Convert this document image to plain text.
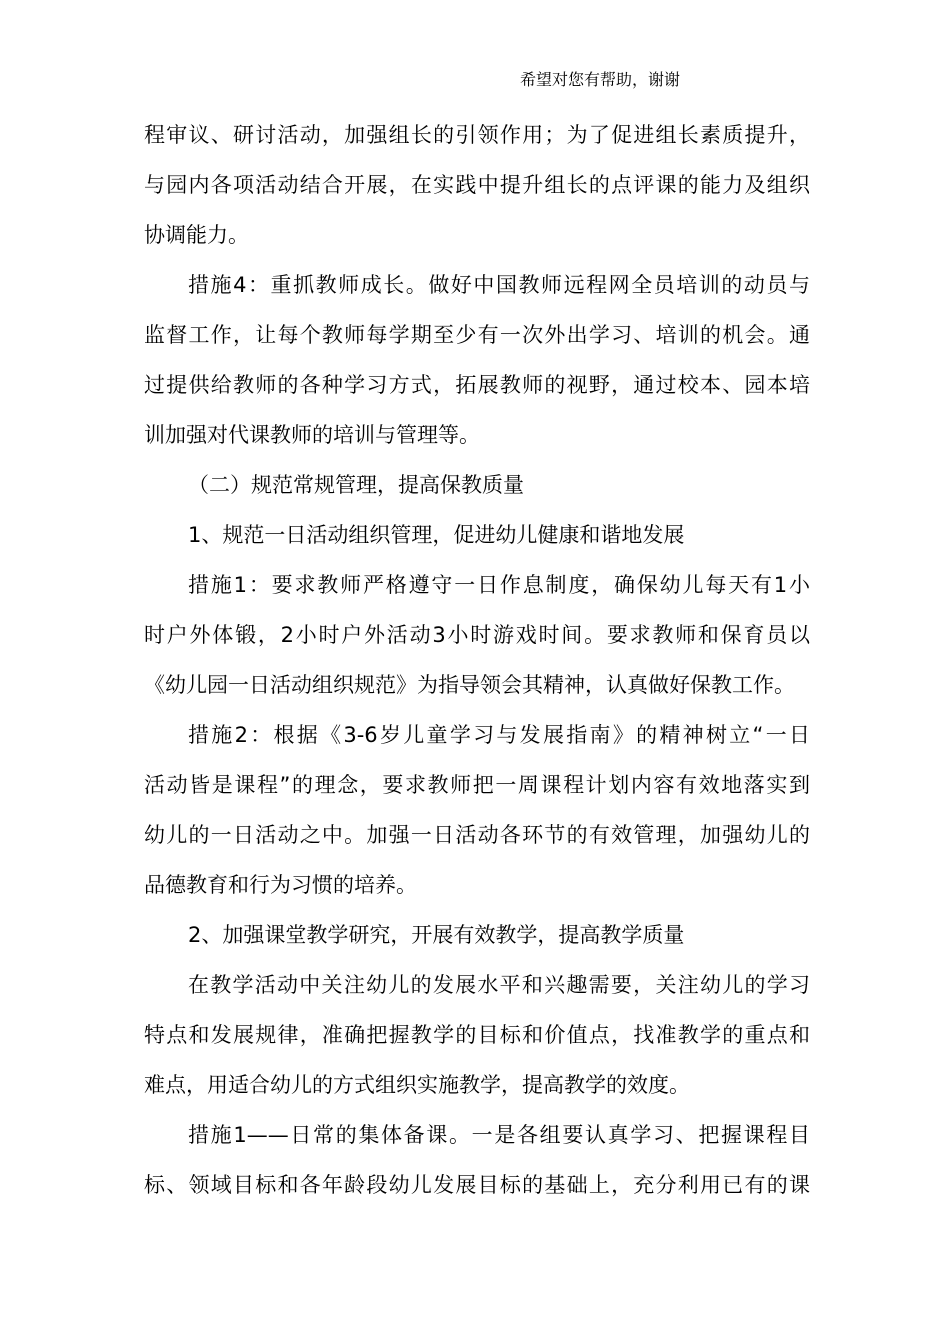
希望对您有帮助，谢谢
程审议、研讨活动，加强组长的引领作用；为了促进组长素质提升，
与园内各项活动结合开展，在实践中提升组长的点评课的能力及组织
协调能力。
措施4：重抓教师成长。做好中国教师远程网全员培训的动员与
监督工作，让每个教师每学期至少有一次外出学习、培训的机会。通
过提供给教师的各种学习方式，拓展教师的视野，通过校本、园本培
训加强对代课教师的培训与管理等。
（二）规范常规管理，提高保教质量
1、规范一日活动组织管理，促进幼儿健康和谐地发展
措施1：要求教师严格遵守一日作息制度，确保幼儿每天有1小
时户外体锻，2小时户外活动3小时游戏时间。要求教师和保育员以
《幼儿园一日活动组织规范》为指导领会其精神，认真做好保教工作。
措施2：根据《3-6岁儿童学习与发展指南》的精神树立“一日
活动皆是课程”的理念，要求教师把一周课程计划内容有效地落实到
幼儿的一日活动之中。加强一日活动各环节的有效管理，加强幼儿的
品德教育和行为习惯的培养。
2、加强课堂教学研究，开展有效教学，提高教学质量
在教学活动中关注幼儿的发展水平和兴趣需要，关注幼儿的学习
特点和发展规律，准确把握教学的目标和价值点，找准教学的重点和
难点，用适合幼儿的方式组织实施教学，提高教学的效度。
措施1——日常的集体备课。一是各组要认真学习、把握课程目
标、领域目标和各年龄段幼儿发展目标的基础上，充分利用已有的课
